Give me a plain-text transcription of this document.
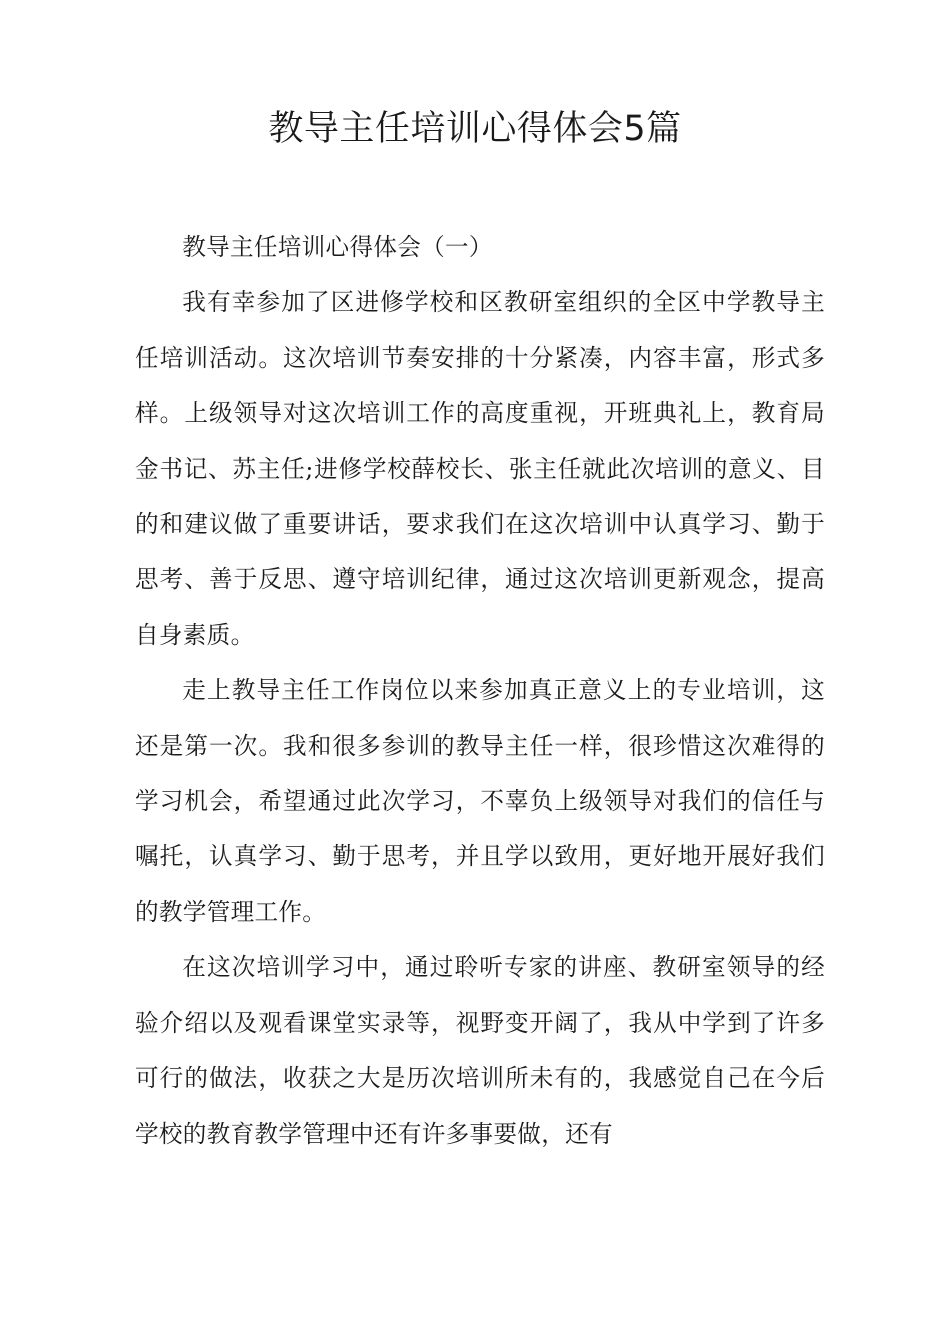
教导主任培训心得体会5篇

教导主任培训心得体会（一）

我有幸参加了区进修学校和区教研室组织的全区中学教导主任培训活动。这次培训节奏安排的十分紧凑，内容丰富，形式多样。上级领导对这次培训工作的高度重视，开班典礼上，教育局金书记、苏主任;进修学校薛校长、张主任就此次培训的意义、目的和建议做了重要讲话，要求我们在这次培训中认真学习、勤于思考、善于反思、遵守培训纪律，通过这次培训更新观念，提高自身素质。

走上教导主任工作岗位以来参加真正意义上的专业培训，这还是第一次。我和很多参训的教导主任一样，很珍惜这次难得的学习机会，希望通过此次学习，不辜负上级领导对我们的信任与嘱托，认真学习、勤于思考，并且学以致用，更好地开展好我们的教学管理工作。

在这次培训学习中，通过聆听专家的讲座、教研室领导的经验介绍以及观看课堂实录等，视野变开阔了，我从中学到了许多可行的做法，收获之大是历次培训所未有的，我感觉自己在今后学校的教育教学管理中还有许多事要做，还有
